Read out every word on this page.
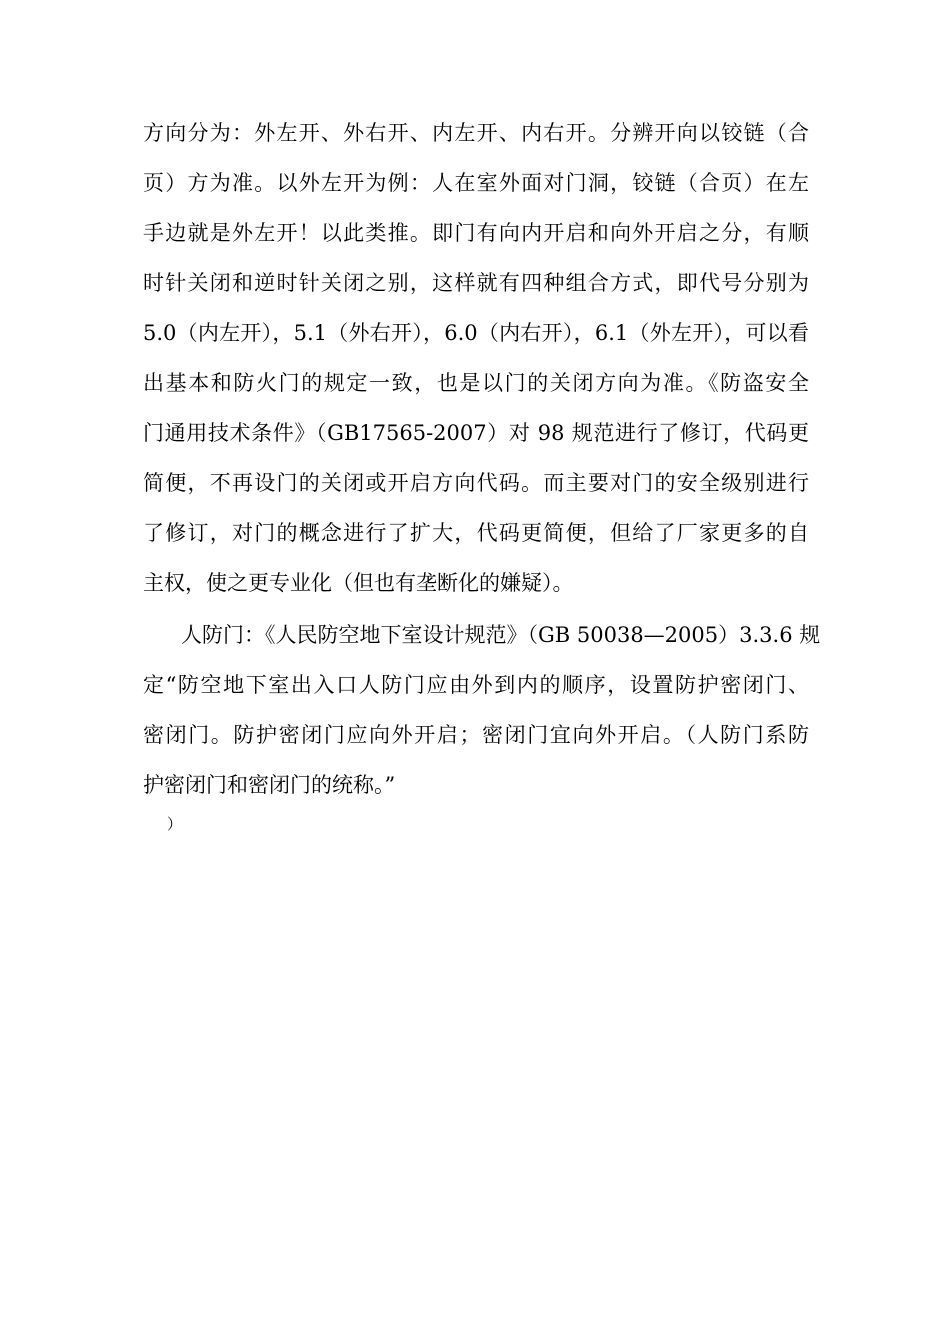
方向分为：外左开、外右开、内左开、内右开。分辨开向以铰链（合
页）方为准。以外左开为例：人在室外面对门洞，铰链（合页）在左
手边就是外左开！以此类推。即门有向内开启和向外开启之分，有顺
时针关闭和逆时针关闭之别，这样就有四种组合方式，即代号分别为
5.0（内左开），5.1（外右开），6.0（内右开），6.1（外左开），可以看
出基本和防火门的规定一致，也是以门的关闭方向为准。《防盗安全
门通用技术条件》（GB17565-2007）对 98 规范进行了修订，代码更
简便，不再设门的关闭或开启方向代码。而主要对门的安全级别进行
了修订，对门的概念进行了扩大，代码更简便，但给了厂家更多的自
主权，使之更专业化（但也有垄断化的嫌疑）。
人防门：《人民防空地下室设计规范》（GB 50038—2005）3.3.6 规
定“防空地下室出入口人防门应由外到内的顺序，设置防护密闭门、
密闭门。防护密闭门应向外开启；密闭门宜向外开启。（人防门系防
护密闭门和密闭门的统称。”
）
